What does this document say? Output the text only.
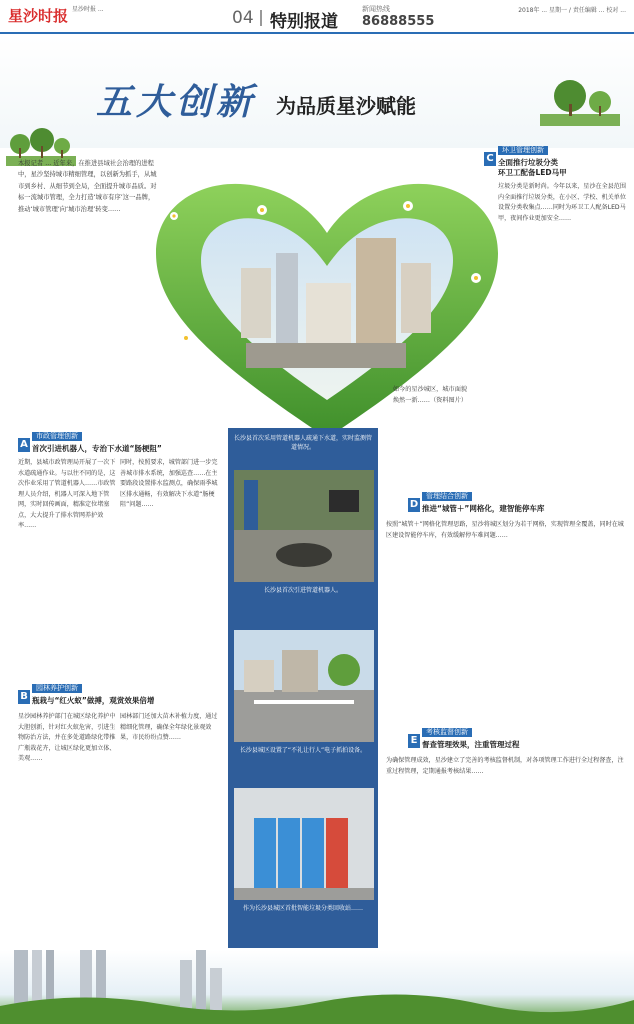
星沙时报 星沙时报 ...	04 特别报道
新闻热线
86888555
2018年 ... 星期一 / 责任编辑 ... 校对 ...
五大创新 为品质星沙赋能
本报记者 ... 近年来，在推进县域社会治理的进程中，星沙坚持城市精细管理，以创新为抓手，从城市到乡村、从细节到全局，全面提升城市品质。对标一流城市管理，全力打造‘城市有序’这一品牌，推动‘城市管理’向‘城市治理’转变……
如今的星沙城区，城市面貌焕然一新……（资料图片）
C
环卫管理创新
全面推行垃圾分类
环卫工配备LED马甲
垃圾分类是新时尚。今年以来，星沙在全县范围内全面推行垃圾分类，在小区、学校、机关单位设置分类收集点……同时为环卫工人配备LED马甲，夜间作业更加安全……
A
市政管理创新
首次引进机器人，专治下水道“肠梗阻”
近期，县城市政管理局开展了一次下水道疏通作业。与以往不同的是，这次作业采用了管道机器人……市政管理人员介绍，机器人可深入地下管网，实时回传画面，精准定位堵塞点，大大提升了排水管网养护效率……
同时，按照要求，城管部门进一步完善城市排水系统，加强巡查……在主要路段设置排水监测点，确保雨季城区排水通畅，有效解决下水道“肠梗阻”问题……
B
园林养护创新
瓶栽与“红火蚁”做搏，观赏效果倍增
星沙园林养护部门在城区绿化养护中大胆创新，针对红火蚁危害，引进生物防治方法，并在多处道路绿化带推广瓶栽花卉，让城区绿化更加立体、美观……
园林部门还加大苗木补植力度，通过精细化管理，确保全年绿化景观效果，市民纷纷点赞……
长沙县首次采用管道机器人疏通下水道，实时监测管道情况。
长沙县首次引进管道机器人。
长沙县城区设置了“不礼让行人”电子抓拍设备。
作为长沙县城区首批智能垃圾分类回收站……
D
管理结合创新
推进“城管＋”网格化，建智能停车库
按照“城管＋”网格化管理思路，星沙将城区划分为若干网格，实现管理全覆盖，同时在城区建设智能停车库，有效缓解停车难问题……
E
考核监督创新
督查管理效果，注重管理过程
为确保管理成效，星沙建立了完善的考核监督机制，对各项管理工作进行全过程督查，注重过程管理，定期通报考核结果……
